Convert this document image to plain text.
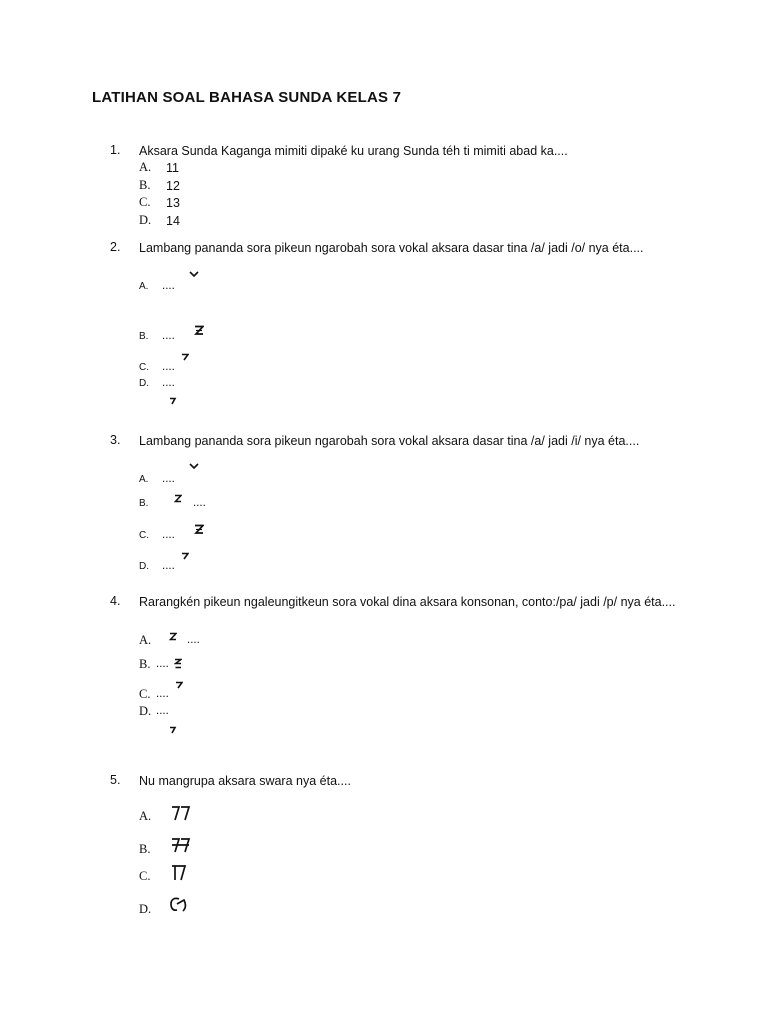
LATIHAN SOAL BAHASA SUNDA KELAS 7
1. Aksara Sunda Kaganga mimiti dipaké ku urang Sunda téh ti mimiti abad ka....
A. 11
B. 12
C. 13
D. 14
2. Lambang pananda sora pikeun ngarobah sora vokal aksara dasar tina /a/ jadi /o/ nya éta....
A. ....
B. ....
C. ....
D. ....
3. Lambang pananda sora pikeun ngarobah sora vokal aksara dasar tina /a/ jadi /i/ nya éta....
A. ....
B.	....
C. ....
D. ....
4. Rarangkén pikeun ngaleungitkeun sora vokal dina aksara konsonan, conto:/pa/ jadi /p/ nya éta....
A.	....
B. ....
C. ....
D. ....
5. Nu mangrupa aksara swara nya éta....
A.
B.
C.
D.
